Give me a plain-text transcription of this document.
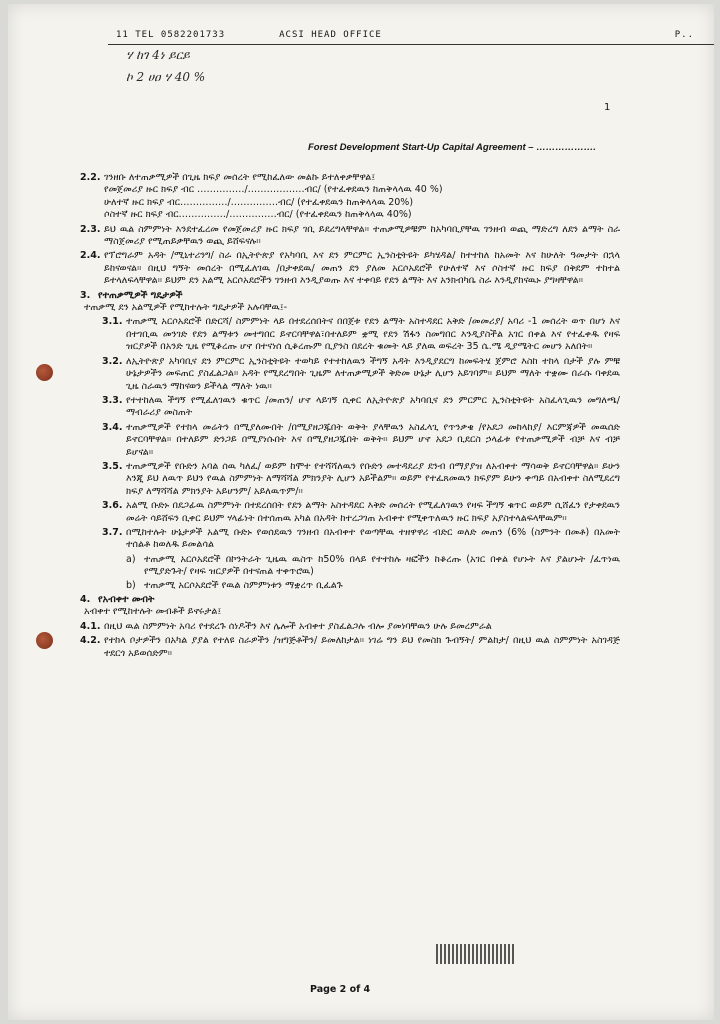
11 TEL 0582201733	ACSI HEAD OFFICE	P..
ሃ ከገ 4ነ ይርይ
ኮ 2 ሀዐ ሃ 40 %
1
Forest Development Start-Up Capital Agreement – ……………….
2.2. ገንዘቡ ለተጠቃሚዎች በጊዜ ክፍያ መሰረት የሚከፈለው መልኩ ይተለቀቃቸዋል፤
የመጀመሪያ ዙር ክፍያ ብር ……………/………………ብር/ (የተፈቀደዉን ከጠቅላላዉ 40 %)
ሁለተኛ ዙር ክፍያ ብር……………/……………ብር/ (የተፈቀደዉን ከጠቅላላዉ 20%)
ሶስተኛ ዙር ክፍያ ብር……………/……………ብር/ (የተፈቀደዉን ከጠቅላላዉ 40%)
2.3. ይህ ዉል ስምምነት እንደተፈረመ የመጀመሪያ ዙር ክፍያ ገቢ ይደረግላቸዋል። ተጠቃሚዎቹም ከአካባቢያቸዉ ገንዘብ ወጪ ማድረግ ለደን ልማት ስራ ማስጀመሪያ የሚጠይቃቸዉን ወጪ ይሸፍናሉ።
2.4. የፕሮግራም አዳት /ሚኒተሪንግ/ ስራ በኢትዮጵያ የአካባቢ እና ደን ምርምር ኢንስቲትዩት ይካሄዳል/ ከተተከለ ከአመት እና ከሁለት ዓመታት በኋላ ይከናወናል። በዚህ ግኝት መሰረት በሚፈለገዉ /በታቀደዉ/ መጠን ደን ያለመ አርሶአደሮች የሁለተኛ እና ሶስተኛ ዙር ክፍያ በቅደም ተከተል ይተላለፍላቸዋል። ይህም ደን አልሚ አርሶአደሮችን ገንዘብ እንዲያወጡ እና ተቀባይ የደን ልማት እና አንክብካቤ ስራ እንዲያከናዉኑ ያግዛቸዋል።
3. የተጠቃሚዎች ግዴታዎች
ተጠቃሚ ደን አልሚዎች የሚከተሉት ግዴታዎች አሉባቸዉ፤-
3.1. ተጠቃሚ አርሶአደሮች በድርሻ/ ስምምነት ላይ በተደረሰበትና በበጀቱ የደን ልማት አስተዳደር አቅድ /መመሪያ/ አባሪ -1 መሰረት ወጥ በሆነ እና በተገቢዉ መንገድ የደን ልማቱን መተግበር ይኖርባቸዋል፣በተለይም ቋሚ የደን ሽፋን ስመግበር እንዲያስችል አገር በቀል እና የተፈቀዱ የዛፍ ዝርያዎች በአንድ ጊዜ የሚቆረጡ ሆኖ በተናነሰ ሲቆረጡም ቢያንስ በደረት ቁመት ላይ ያለዉ ወፍረት 35 ሴ.ሜ ዲያሜትር መሆን አለበት።
3.2. ለኢትዮጵያ አካባቢና ደን ምርምር ኢንስቲትዩት ተወካይ የተተከለዉን ችግኝ አዳት እንዲያደርግ ከመፍትሄ ጀምሮ እስከ ተከላ በታች ያሉ ምቹ ሁኔታዎችን መፍጠር ያስፈልጋል። አዳት የሚደረግበት ጊዜም ለተጠቃሚዎች ቅድመ ሁኔታ ሊሆን አይገባም። ይህም ማለት ተቋሙ በራሱ ባቀደዉ ጊዜ ስራዉን ማከናወን ይችላል ማለት ነዉ።
3.3. የተተከለዉ ችግኝ የሚፈለገዉን ቁጥር /መጠን/ ሆኖ ላይገኝ ሲቀር ለኢትዮጵያ አካባቢና ደን ምርምር ኢንስቲትዩት አስፈላጊዉን መግለጫ/ማብራሪያ መስጠት
3.4. ተጠቃሚዎች የተከላ መሬትን በሚያለሙበት /በሚያዘጋጁበት ወቅት ያላቸዉን አስፈላጊ የጥንቃቄ /የአደጋ መከላከያ/ እርምጃዎች መዉሰድ ይኖርባቸዋል። በተለይም ድንጋይ በሚያነሱበት እና በሚያዘጋጁበት ወቅት። ይህም ሆኖ አደጋ ቢደርስ ኃላፊቱ የተጠቃሚዎች ብቻ እና ብቻ ይሆናል።
3.5. ተጠቃሚዎች የቡድን አባል ሰዉ ካለፈ/ ወይም ከሞተ የተሻሻለዉን የቡድን መተዳደሪያ ደንብ በማያያዝ ለአብቀተ ማሳወቅ ይኖርባቸዋል። ይሁን እንጂ ይህ ለዉጥ ይህን የዉል ስምምነት ለማሻሻል ምክንያት ሊሆን አይችልም። ወይም የተፈጸመዉን ክፍያም ይሁን ቀጣይ በአብቀተ ስለሚደረግ ክፍያ ለማሻሻል ምክንያት አይሆንም/ አይለዉጥም/።
3.6. አልሚ ቡድኑ በደጋፊዉ ስምምነት በተደረሰበት የደን ልማት አስተዳደር እቅድ መሰረት የሚፈለገዉን የዛፍ ችግኝ ቁጥር ወይም ሲሸፈን የታቀደዉን መሬት ሳይሸፍን ቢቀር ይህም ሃላፊነት በተሰጠዉ አካል በአዳት ከተረጋገጠ አብቀተ የሚቀጥለዉን ዙር ክፍያ አያስተላልፍላቸዉም።
3.7. በሚከተሉት ሁኔታዎች አልሚ ቡድኑ የወሰደዉን ገንዘብ በአብቀተ የወጣቸዉ ተዘዋዋሪ ብድር ወለድ መጠን (6% (ስምንት በመቶ) በአመት ተሰልቶ ከወለዱ ይመልሳል
a) ተጠቃሚ አርሶአደሮች በኮንትራት ጊዜዉ ዉስጥ ከ50% በላይ የተተከሉ ዛፎችን ከቆረጡ (አገር በቀል የሆኑት እና ያልሆኑት /ፈጥነዉ የሚያድጉት/ የዛፍ ዝርያዎች በተናጠል ተቀጥሮዉ)
b) ተጠቃሚ አርሶአደሮች የዉል ስምምነቱን ማቋረጥ ቢፈልጉ
4. የአብቀተ መብት
አብቀተ የሚከተሉት መብቶች ይኖሩታል፤
4.1. በዚህ ዉል ስምምነት አባሪ የተደረጉ ሰነዶችን እና ሌሎች አብቀተ ያስፈልጋሉ ብሎ ያመነባቸዉን ሁሉ ይመረምራል
4.2. የተከላ ቦታዎችን በአካል ያያል የተለዩ ስራዎችን /ዝግጅቶችን/ ይመለከታል። ነገሬ ግን ይህ የመስክ ጉብኝት/ ምልከታ/ በዚህ ዉል ስምምነት አስገዳጅ ተደርጎ አይወሰድም።
Page 2 of 4
